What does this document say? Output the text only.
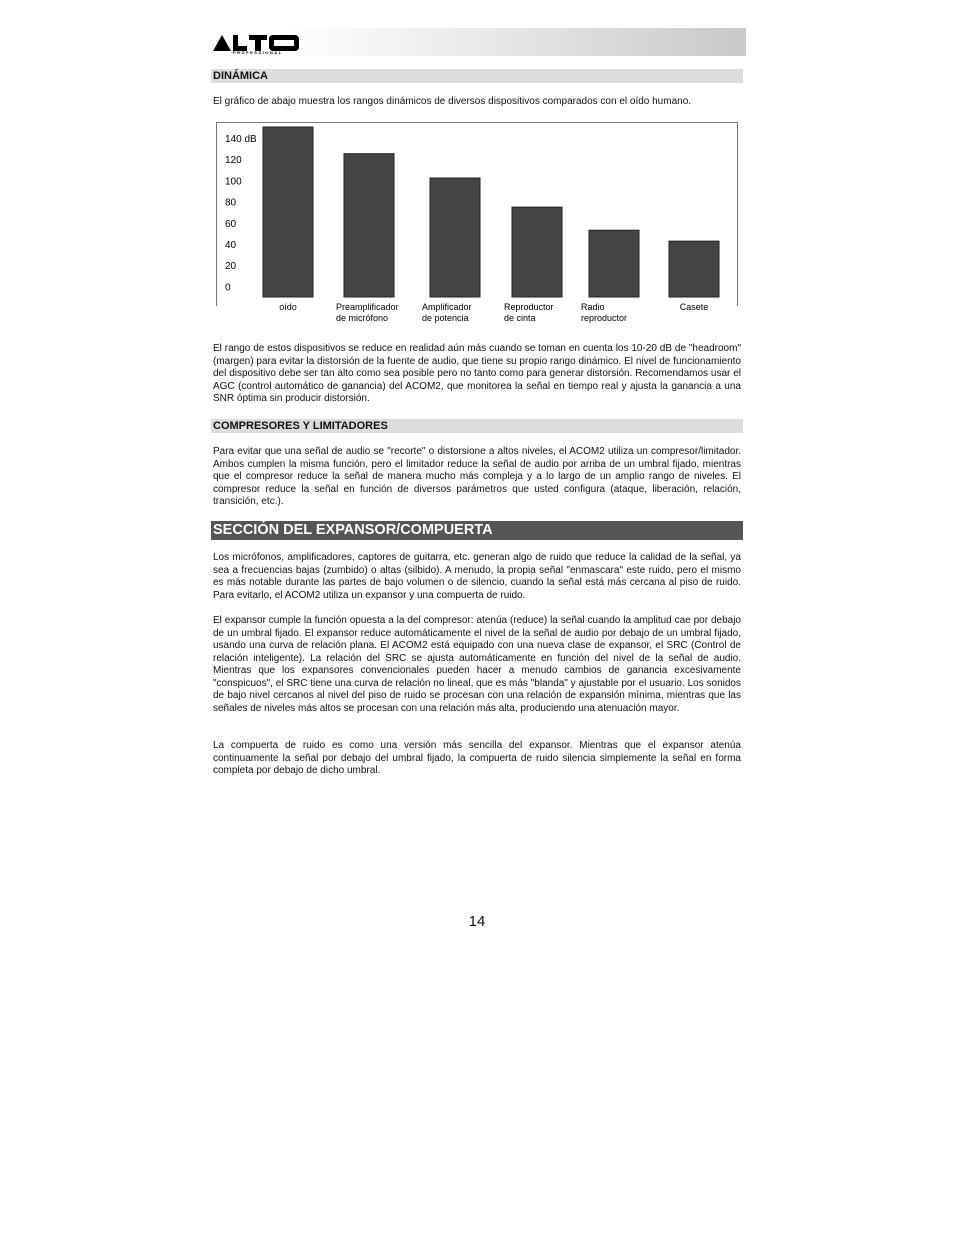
PROFESSIONAL
DINÁMICA

El gráfico de abajo muestra los rangos dinámicos de diversos dispositivos comparados con el oído humano.

140 dB
120
100
80
60
40
20
0
oído	Preamplificador de micrófono
Amplificador de potencia
Reproductor de cinta
Radio reproductor
Casete

El rango de estos dispositivos se reduce en realidad aún más cuando se toman en cuenta los 10-20 dB de "headroom" (margen) para evitar la distorsión de la fuente de audio, que tiene su propio rango dinámico. El nivel de funcionamiento del dispositivo debe ser tan alto como sea posible pero no tanto como para generar distorsión. Recomendamos usar el AGC (control automático de ganancia) del ACOM2, que monitorea la señal en tiempo real y ajusta la ganancia a una SNR óptima sin producir distorsión.

COMPRESORES Y LIMITADORES

Para evitar que una señal de audio se "recorte" o distorsione a altos niveles, el ACOM2 utiliza un compresor/limitador. Ambos cumplen la misma función, pero el limitador reduce la señal de audio por arriba de un umbral fijado, mientras que el compresor reduce la señal de manera mucho más compleja y a lo largo de un amplio rango de niveles. El compresor reduce la señal en función de diversos parámetros que usted configura (ataque, liberación, relación, transición, etc.).

SECCIÓN DEL EXPANSOR/COMPUERTA

Los micrófonos, amplificadores, captores de guitarra, etc. generan algo de ruido que reduce la calidad de la señal, ya sea a frecuencias bajas (zumbido) o altas (silbido). A menudo, la propia señal "enmascara" este ruido, pero el mismo es más notable durante las partes de bajo volumen o de silencio, cuando la señal está más cercana al piso de ruido. Para evitarlo, el ACOM2 utiliza un expansor y una compuerta de ruido.

El expansor cumple la función opuesta a la del compresor: atenúa (reduce) la señal cuando la amplitud cae por debajo de un umbral fijado. El expansor reduce automáticamente el nivel de la señal de audio por debajo de un umbral fijado, usando una curva de relación plana. El ACOM2 está equipado con una nueva clase de expansor, el SRC (Control de relación inteligente). La relación del SRC se ajusta automáticamente en función del nivel de la señal de audio. Mientras que los expansores convencionales pueden hacer a menudo cambios de ganancia excesivamente "conspicuos", el SRC tiene una curva de relación no lineal, que es más "blanda" y ajustable por el usuario. Los sonidos de bajo nivel cercanos al nivel del piso de ruido se procesan con una relación de expansión mínima, mientras que las señales de niveles más altos se procesan con una relación más alta, produciendo una atenuación mayor.

La compuerta de ruido es como una versión más sencilla del expansor. Mientras que el expansor atenúa continuamente la señal por debajo del umbral fijado, la compuerta de ruido silencia simplemente la señal en forma completa por debajo de dicho umbral.

14
